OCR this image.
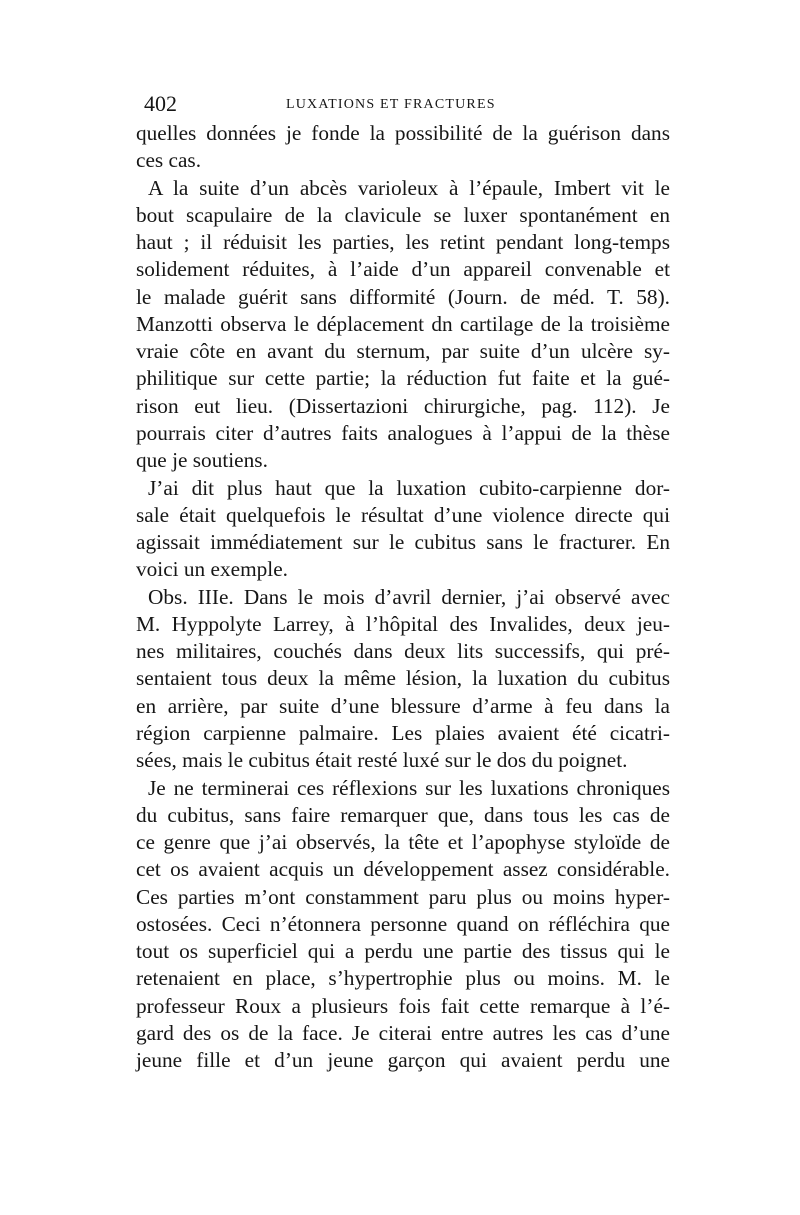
402	LUXATIONS ET FRACTURES
quelles données je fonde la possibilité de la guérison dans
ces cas.
A la suite d’un abcès varioleux à l’épaule, Imbert vit le
bout scapulaire de la clavicule se luxer spontanément en
haut ; il réduisit les parties, les retint pendant long-temps
solidement réduites, à l’aide d’un appareil convenable et
le malade guérit sans difformité (Journ. de méd. T. 58).
Manzotti observa le déplacement dn cartilage de la troisième
vraie côte en avant du sternum, par suite d’un ulcère sy-
philitique sur cette partie; la réduction fut faite et la gué-
rison eut lieu. (Dissertazioni chirurgiche, pag. 112). Je
pourrais citer d’autres faits analogues à l’appui de la thèse
que je soutiens.
J’ai dit plus haut que la luxation cubito-carpienne dor-
sale était quelquefois le résultat d’une violence directe qui
agissait immédiatement sur le cubitus sans le fracturer. En
voici un exemple.
Obs. IIIe. Dans le mois d’avril dernier, j’ai observé avec
M. Hyppolyte Larrey, à l’hôpital des Invalides, deux jeu-
nes militaires, couchés dans deux lits successifs, qui pré-
sentaient tous deux la même lésion, la luxation du cubitus
en arrière, par suite d’une blessure d’arme à feu dans la
région carpienne palmaire. Les plaies avaient été cicatri-
sées, mais le cubitus était resté luxé sur le dos du poignet.
Je ne terminerai ces réflexions sur les luxations chroniques
du cubitus, sans faire remarquer que, dans tous les cas de
ce genre que j’ai observés, la tête et l’apophyse styloïde de
cet os avaient acquis un développement assez considérable.
Ces parties m’ont constamment paru plus ou moins hyper-
ostosées. Ceci n’étonnera personne quand on réfléchira que
tout os superficiel qui a perdu une partie des tissus qui le
retenaient en place, s’hypertrophie plus ou moins. M. le
professeur Roux a plusieurs fois fait cette remarque à l’é-
gard des os de la face. Je citerai entre autres les cas d’une
jeune fille et d’un jeune garçon qui avaient perdu une
